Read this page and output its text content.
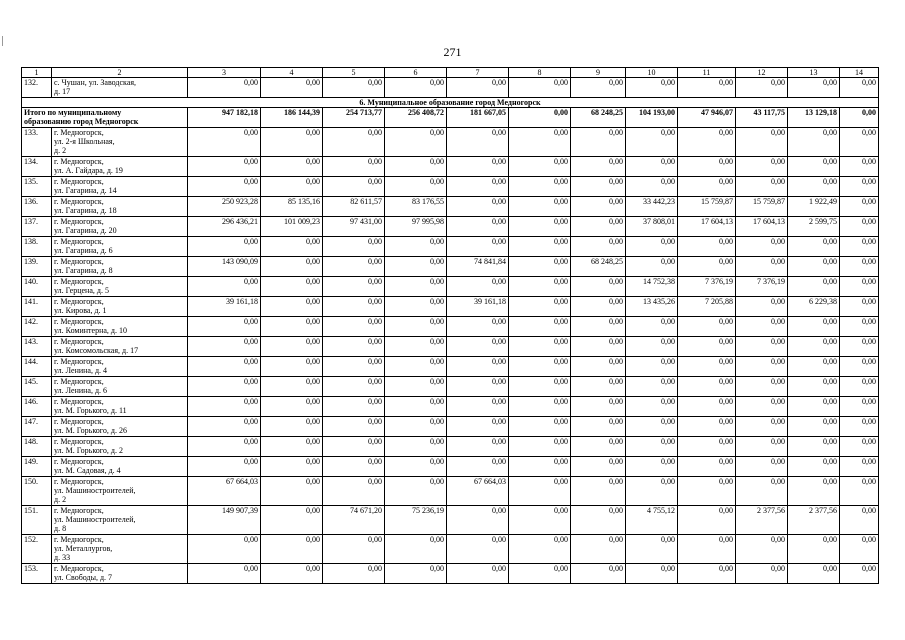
271
1	2	3	4	5	6	7	8	9	10	11	12	13	14
132.	с. Чушан, ул. Заводская,
д. 17	0,00	0,00	0,00	0,00	0,00	0,00	0,00	0,00	0,00	0,00	0,00	0,00
6. Муниципальное образование город Медногорск													
Итого по муниципальному
образованию город Медногорск		947 182,18	186 144,39	254 713,77	256 408,72	181 667,05	0,00	68 248,25	104 193,00	47 946,07	43 117,75	13 129,18	0,00
133.	г. Медногорск,
ул. 2-я Школьная,
д. 2	0,00	0,00	0,00	0,00	0,00	0,00	0,00	0,00	0,00	0,00	0,00	0,00
134.	г. Медногорск,
ул. А. Гайдара, д. 19	0,00	0,00	0,00	0,00	0,00	0,00	0,00	0,00	0,00	0,00	0,00	0,00
135.	г. Медногорск,
ул. Гагарина, д. 14	0,00	0,00	0,00	0,00	0,00	0,00	0,00	0,00	0,00	0,00	0,00	0,00
136.	г. Медногорск,
ул. Гагарина, д. 18	250 923,28	85 135,16	82 611,57	83 176,55	0,00	0,00	0,00	33 442,23	15 759,87	15 759,87	1 922,49	0,00
137.	г. Медногорск,
ул. Гагарина, д. 20	296 436,21	101 009,23	97 431,00	97 995,98	0,00	0,00	0,00	37 808,01	17 604,13	17 604,13	2 599,75	0,00
138.	г. Медногорск,
ул. Гагарина, д. 6	0,00	0,00	0,00	0,00	0,00	0,00	0,00	0,00	0,00	0,00	0,00	0,00
139.	г. Медногорск,
ул. Гагарина, д. 8	143 090,09	0,00	0,00	0,00	74 841,84	0,00	68 248,25	0,00	0,00	0,00	0,00	0,00
140.	г. Медногорск,
ул. Герцена, д. 5	0,00	0,00	0,00	0,00	0,00	0,00	0,00	14 752,38	7 376,19	7 376,19	0,00	0,00
141.	г. Медногорск,
ул. Кирова, д. 1	39 161,18	0,00	0,00	0,00	39 161,18	0,00	0,00	13 435,26	7 205,88	0,00	6 229,38	0,00
142.	г. Медногорск,
ул. Коминтерна, д. 10	0,00	0,00	0,00	0,00	0,00	0,00	0,00	0,00	0,00	0,00	0,00	0,00
143.	г. Медногорск,
ул. Комсомольская, д. 17	0,00	0,00	0,00	0,00	0,00	0,00	0,00	0,00	0,00	0,00	0,00	0,00
144.	г. Медногорск,
ул. Ленина, д. 4	0,00	0,00	0,00	0,00	0,00	0,00	0,00	0,00	0,00	0,00	0,00	0,00
145.	г. Медногорск,
ул. Ленина, д. 6	0,00	0,00	0,00	0,00	0,00	0,00	0,00	0,00	0,00	0,00	0,00	0,00
146.	г. Медногорск,
ул. М. Горького, д. 11	0,00	0,00	0,00	0,00	0,00	0,00	0,00	0,00	0,00	0,00	0,00	0,00
147.	г. Медногорск,
ул. М. Горького, д. 26	0,00	0,00	0,00	0,00	0,00	0,00	0,00	0,00	0,00	0,00	0,00	0,00
148.	г. Медногорск,
ул. М. Горького, д. 2	0,00	0,00	0,00	0,00	0,00	0,00	0,00	0,00	0,00	0,00	0,00	0,00
149.	г. Медногорск,
ул. М. Садовая, д. 4	0,00	0,00	0,00	0,00	0,00	0,00	0,00	0,00	0,00	0,00	0,00	0,00
150.	г. Медногорск,
ул. Машиностроителей,
д. 2	67 664,03	0,00	0,00	0,00	67 664,03	0,00	0,00	0,00	0,00	0,00	0,00	0,00
151.	г. Медногорск,
ул. Машиностроителей,
д. 8	149 907,39	0,00	74 671,20	75 236,19	0,00	0,00	0,00	4 755,12	0,00	2 377,56	2 377,56	0,00
152.	г. Медногорск,
ул. Металлургов,
д. 33	0,00	0,00	0,00	0,00	0,00	0,00	0,00	0,00	0,00	0,00	0,00	0,00
153.	г. Медногорск,
ул. Свободы, д. 7	0,00	0,00	0,00	0,00	0,00	0,00	0,00	0,00	0,00	0,00	0,00	0,00
